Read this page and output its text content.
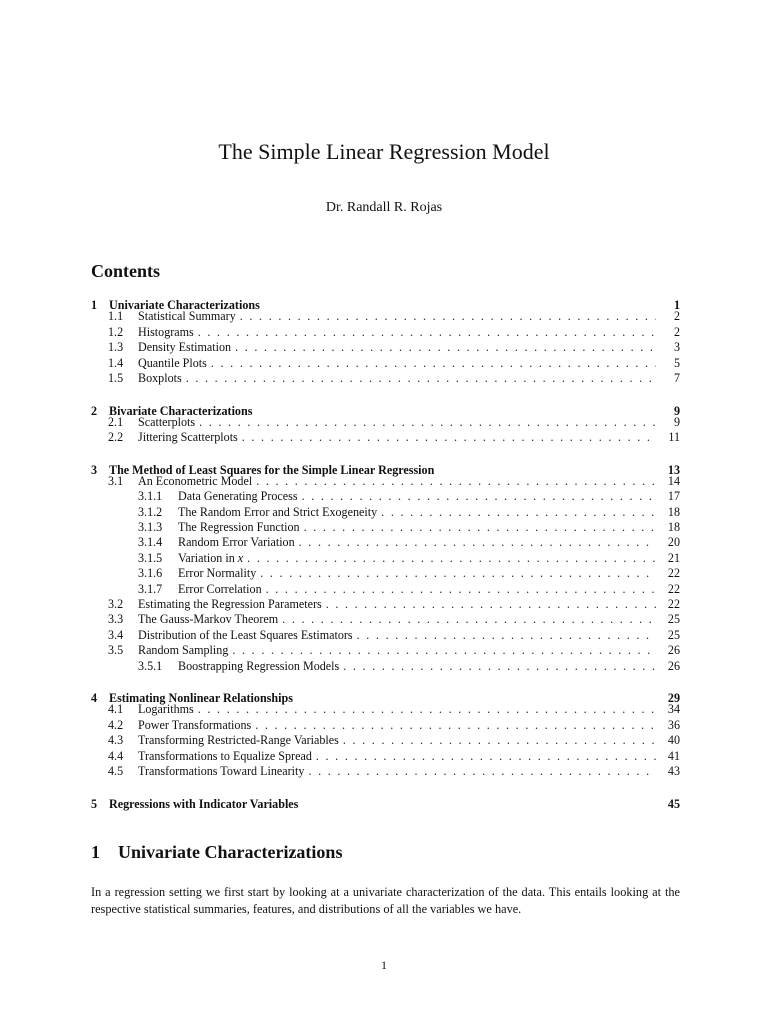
The Simple Linear Regression Model
Dr. Randall R. Rojas
Contents
1 Univariate Characterizations	1
1.1	Statistical Summary . . .	2
1.2	Histograms . . .	2
1.3	Density Estimation . . .	3
1.4	Quantile Plots . . .	5
1.5	Boxplots . . .	7
2 Bivariate Characterizations	9
2.1	Scatterplots . . .	9
2.2	Jittering Scatterplots . . .	11
3 The Method of Least Squares for the Simple Linear Regression	13
3.1	An Econometric Model . . .	14
3.1.1	Data Generating Process . . .	17
3.1.2	The Random Error and Strict Exogeneity . . .	18
3.1.3	The Regression Function . . .	18
3.1.4	Random Error Variation . . .	20
3.1.5	Variation in x . . .	21
3.1.6	Error Normality . . .	22
3.1.7	Error Correlation . . .	22
3.2	Estimating the Regression Parameters . . .	22
3.3	The Gauss-Markov Theorem . . .	25
3.4	Distribution of the Least Squares Estimators . . .	25
3.5	Random Sampling . . .	26
3.5.1	Boostrapping Regression Models . . .	26
4 Estimating Nonlinear Relationships	29
4.1	Logarithms . . .	34
4.2	Power Transformations . . .	36
4.3	Transforming Restricted-Range Variables . . .	40
4.4	Transformations to Equalize Spread . . .	41
4.5	Transformations Toward Linearity . . .	43
5 Regressions with Indicator Variables	45
1 Univariate Characterizations
In a regression setting we first start by looking at a univariate characterization of the data. This entails looking at the respective statistical summaries, features, and distributions of all the variables we have.
1
